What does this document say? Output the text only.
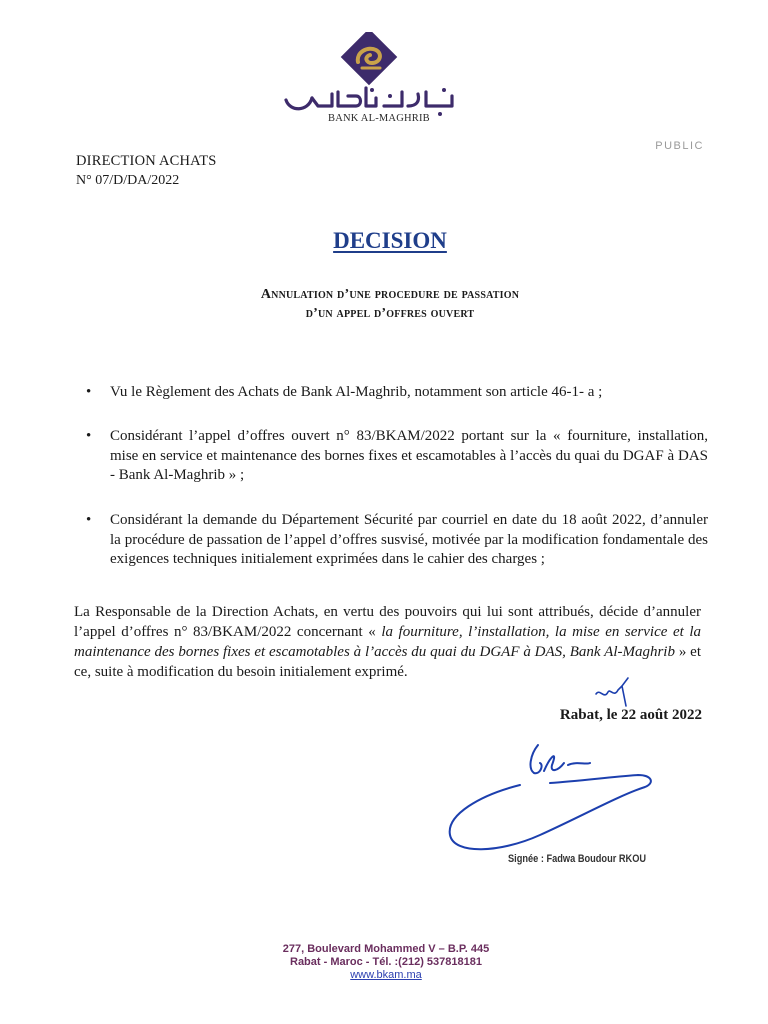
BANK AL-MAGHRIB
PUBLIC
DIRECTION ACHATS
N° 07/D/DA/2022
DECISION
Annulation d’une procedure de passation
d’un appel d’offres ouvert
• Vu le Règlement des Achats de Bank Al-Maghrib, notamment son article 46-1- a ;
• Considérant l’appel d’offres ouvert n° 83/BKAM/2022 portant sur la « fourniture, installation, mise en service et maintenance des bornes fixes et escamotables à l’accès du quai du DGAF à DAS - Bank Al-Maghrib » ;
• Considérant la demande du Département Sécurité par courriel en date du 18 août 2022, d’annuler la procédure de passation de l’appel d’offres susvisé, motivée par la modification fondamentale des exigences techniques initialement exprimées dans le cahier des charges ;
La Responsable de la Direction Achats, en vertu des pouvoirs qui lui sont attribués, décide d’annuler l’appel d’offres n° 83/BKAM/2022 concernant « la fourniture, l’installation, la mise en service et la maintenance des bornes fixes et escamotables à l’accès du quai du DGAF à DAS, Bank Al-Maghrib » et ce, suite à modification du besoin initialement exprimé.
Rabat, le 22 août 2022
Signée : Fadwa Boudour RKOU
277, Boulevard Mohammed V – B.P. 445
Rabat - Maroc - Tél. :(212) 537818181
www.bkam.ma
